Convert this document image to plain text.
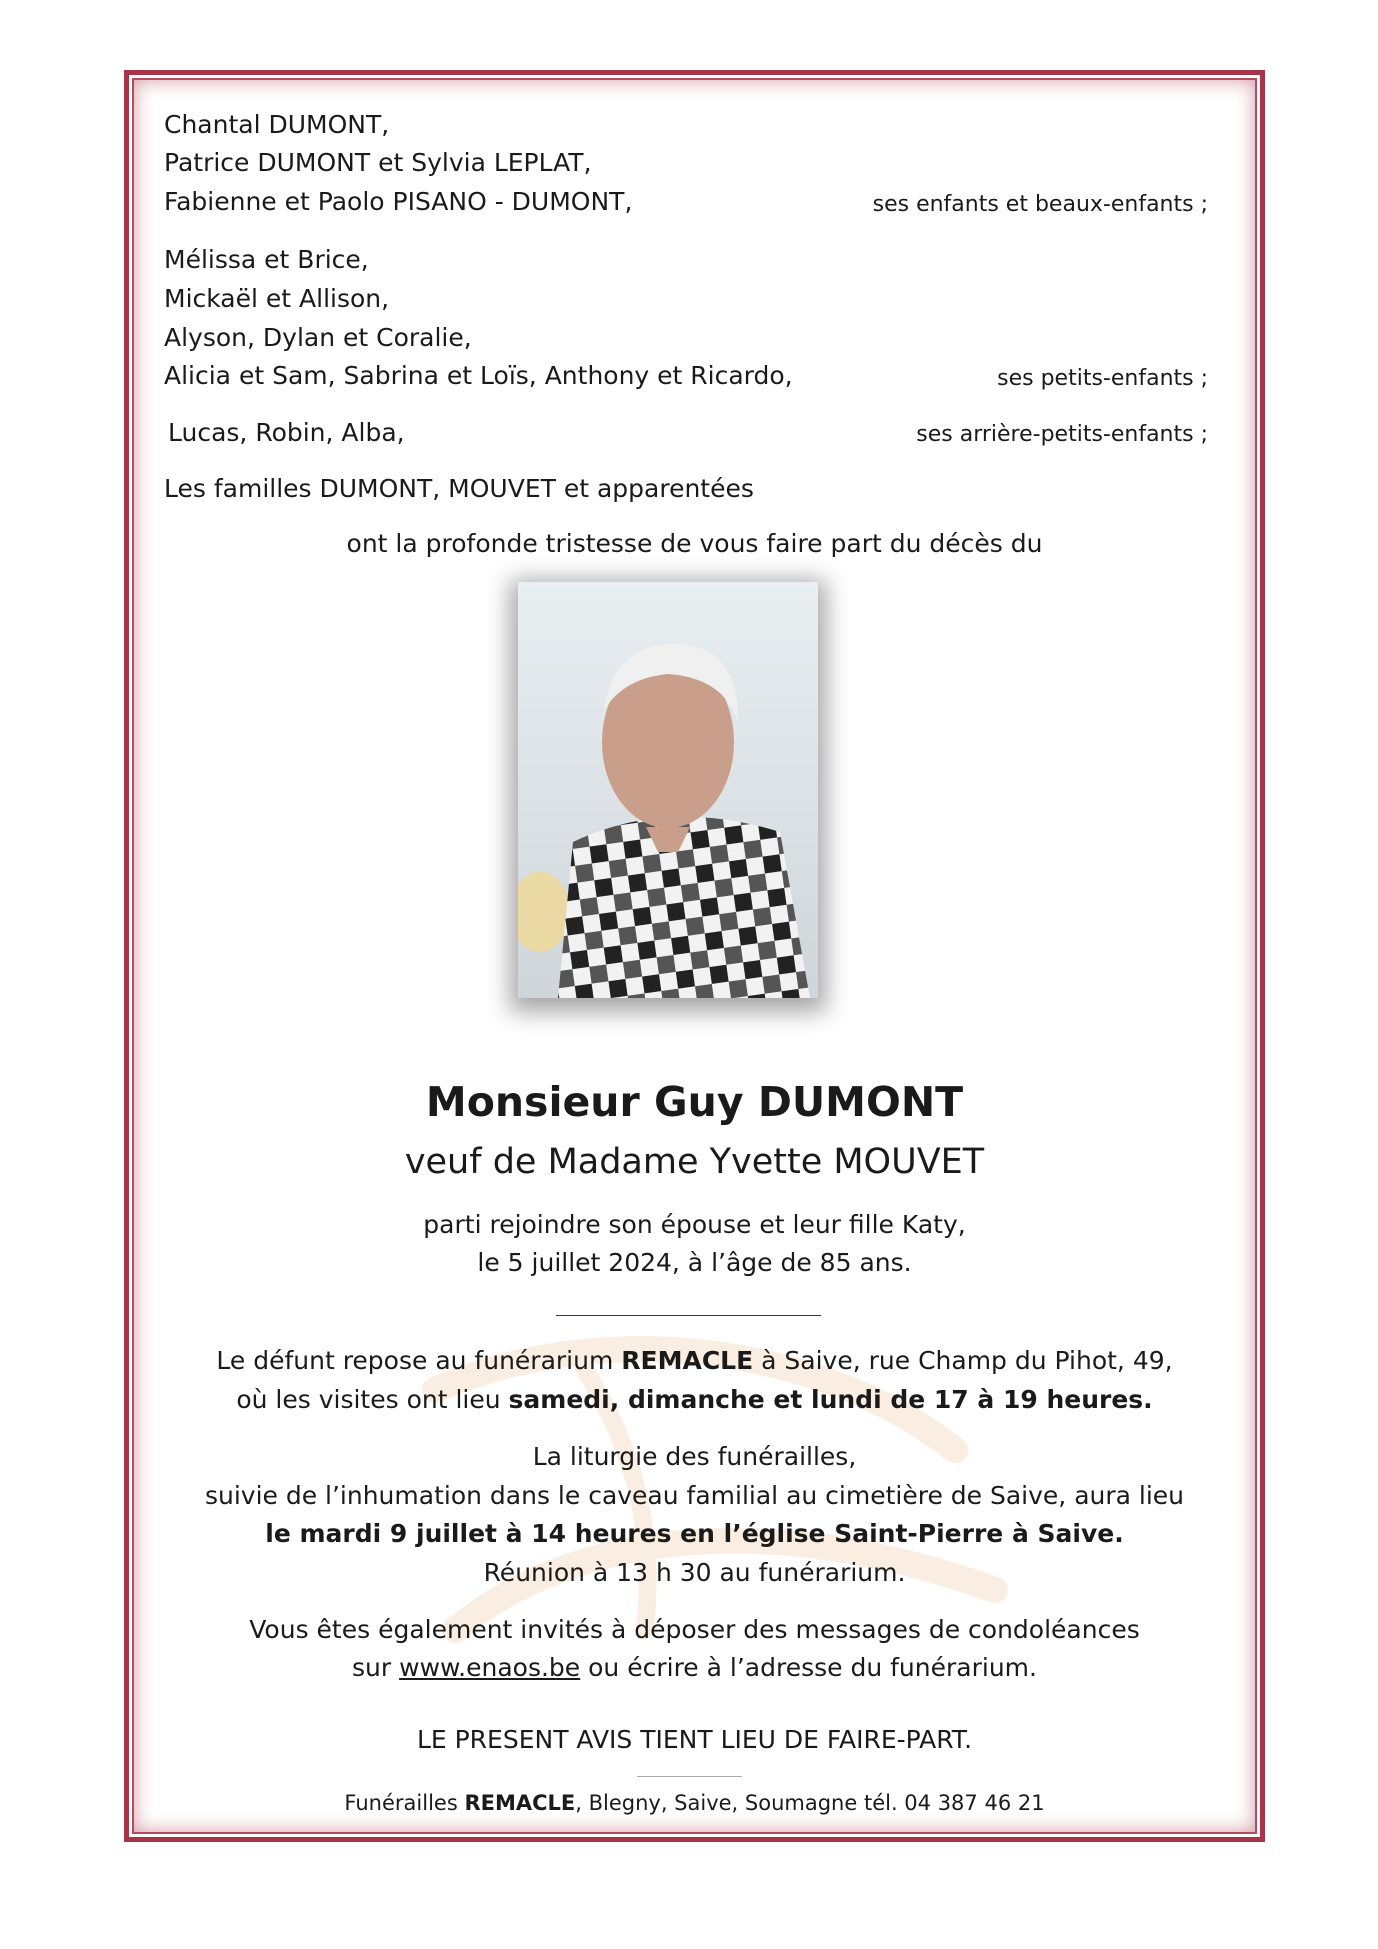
Chantal DUMONT,
Patrice DUMONT et Sylvia LEPLAT,
Fabienne et Paolo PISANO - DUMONT,	ses enfants et beaux-enfants ;
Mélissa et Brice,
Mickaël et Allison,
Alyson, Dylan et Coralie,
Alicia et Sam, Sabrina et Loïs, Anthony et Ricardo,	ses petits-enfants ;
Lucas, Robin, Alba,	ses arrière-petits-enfants ;
Les familles DUMONT, MOUVET et apparentées
ont la profonde tristesse de vous faire part du décès du
Monsieur Guy DUMONT
veuf de Madame Yvette MOUVET
parti rejoindre son épouse et leur fille Katy,
le 5 juillet 2024, à l’âge de 85 ans.
Le défunt repose au funérarium REMACLE à Saive, rue Champ du Pihot, 49,
où les visites ont lieu samedi, dimanche et lundi de 17 à 19 heures.
La liturgie des funérailles,
suivie de l’inhumation dans le caveau familial au cimetière de Saive, aura lieu
le mardi 9 juillet à 14 heures en l’église Saint-Pierre à Saive.
Réunion à 13 h 30 au funérarium.
Vous êtes également invités à déposer des messages de condoléances
sur www.enaos.be ou écrire à l’adresse du funérarium.
LE PRESENT AVIS TIENT LIEU DE FAIRE-PART.
Funérailles REMACLE, Blegny, Saive, Soumagne tél. 04 387 46 21
